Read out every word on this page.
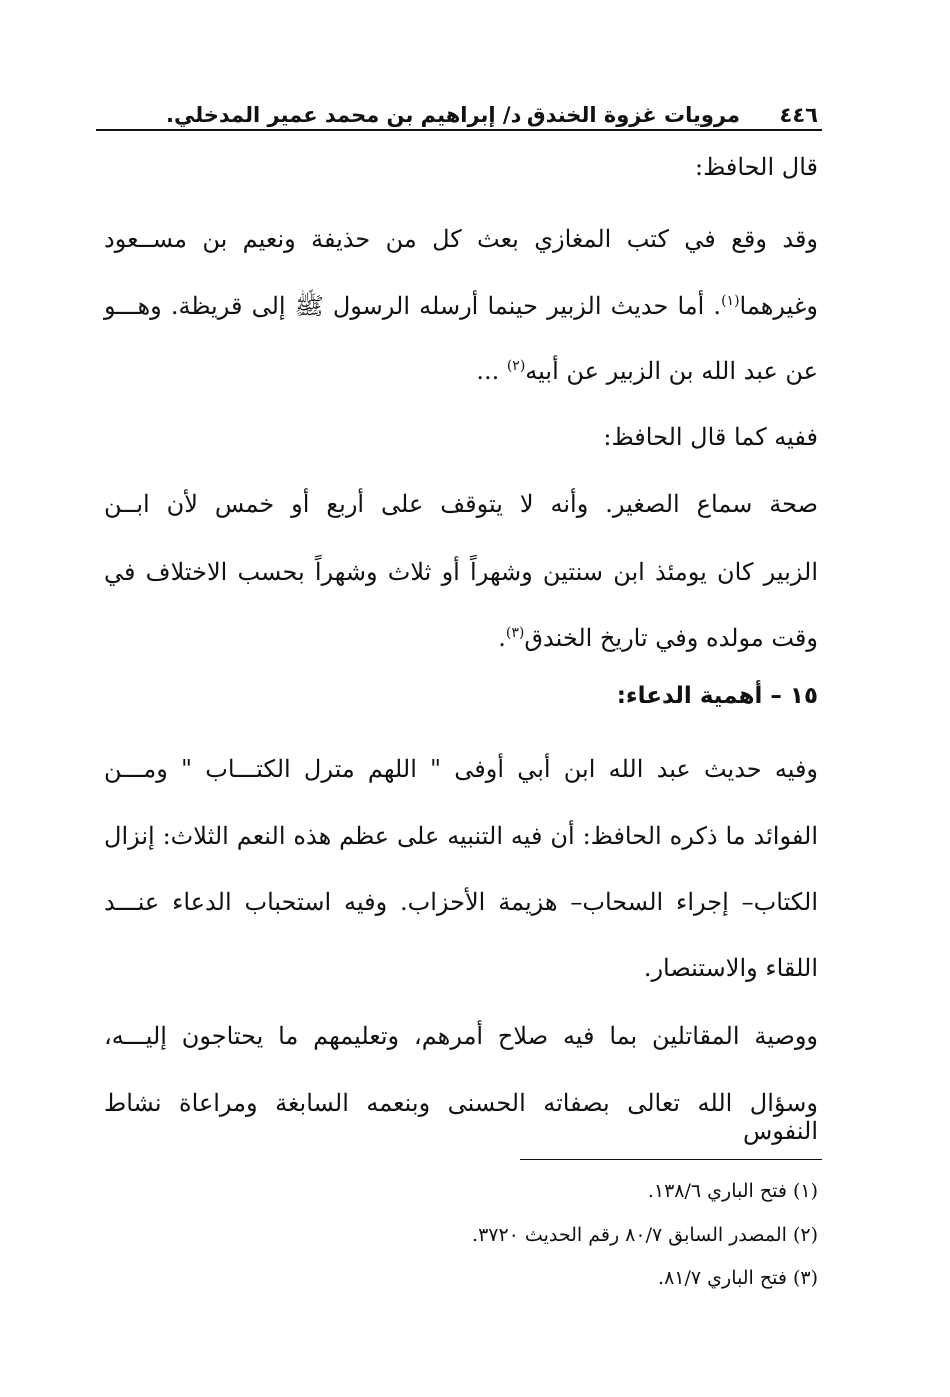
٤٤٦
مرويات غزوة الخندق
د/ إبراهيم بن محمد عمير المدخلي.

قال الحافظ:

وقد وقع في كتب المغازي بعث كل من حذيفة ونعيم بن مســعود

وغيرهما$^{(١)}$. أما حديث الزبير حينما أرسله الرسول ﷺ إلى قريظة. وهـــو

عن عبد الله بن الزبير عن أبيه$^{(٢)}$ ...

ففيه كما قال الحافظ:

صحة سماع الصغير. وأنه لا يتوقف على أربع أو خمس لأن ابــن

الزبير كان يومئذ ابن سنتين وشهراً أو ثلاث وشهراً بحسب الاختلاف في

وقت مولده وفي تاريخ الخندق$^{(٣)}$.

١٥ – أهمية الدعاء:

وفيه حديث عبد الله ابن أبي أوفى " اللهم مترل الكتـــاب " ومـــن

الفوائد ما ذكره الحافظ: أن فيه التنبيه على عظم هذه النعم الثلاث: إنزال

الكتاب– إجراء السحاب– هزيمة الأحزاب. وفيه استحباب الدعاء عنـــد

اللقاء والاستنصار.

ووصية المقاتلين بما فيه صلاح أمرهم، وتعليمهم ما يحتاجون إليـــه،

وسؤال الله تعالى بصفاته الحسنى وبنعمه السابغة ومراعاة نشاط النفوس

(١) فتح الباري ١٣٨/٦.

(٢) المصدر السابق ٨٠/٧ رقم الحديث ٣٧٢٠.

(٣) فتح الباري ٨١/٧.
